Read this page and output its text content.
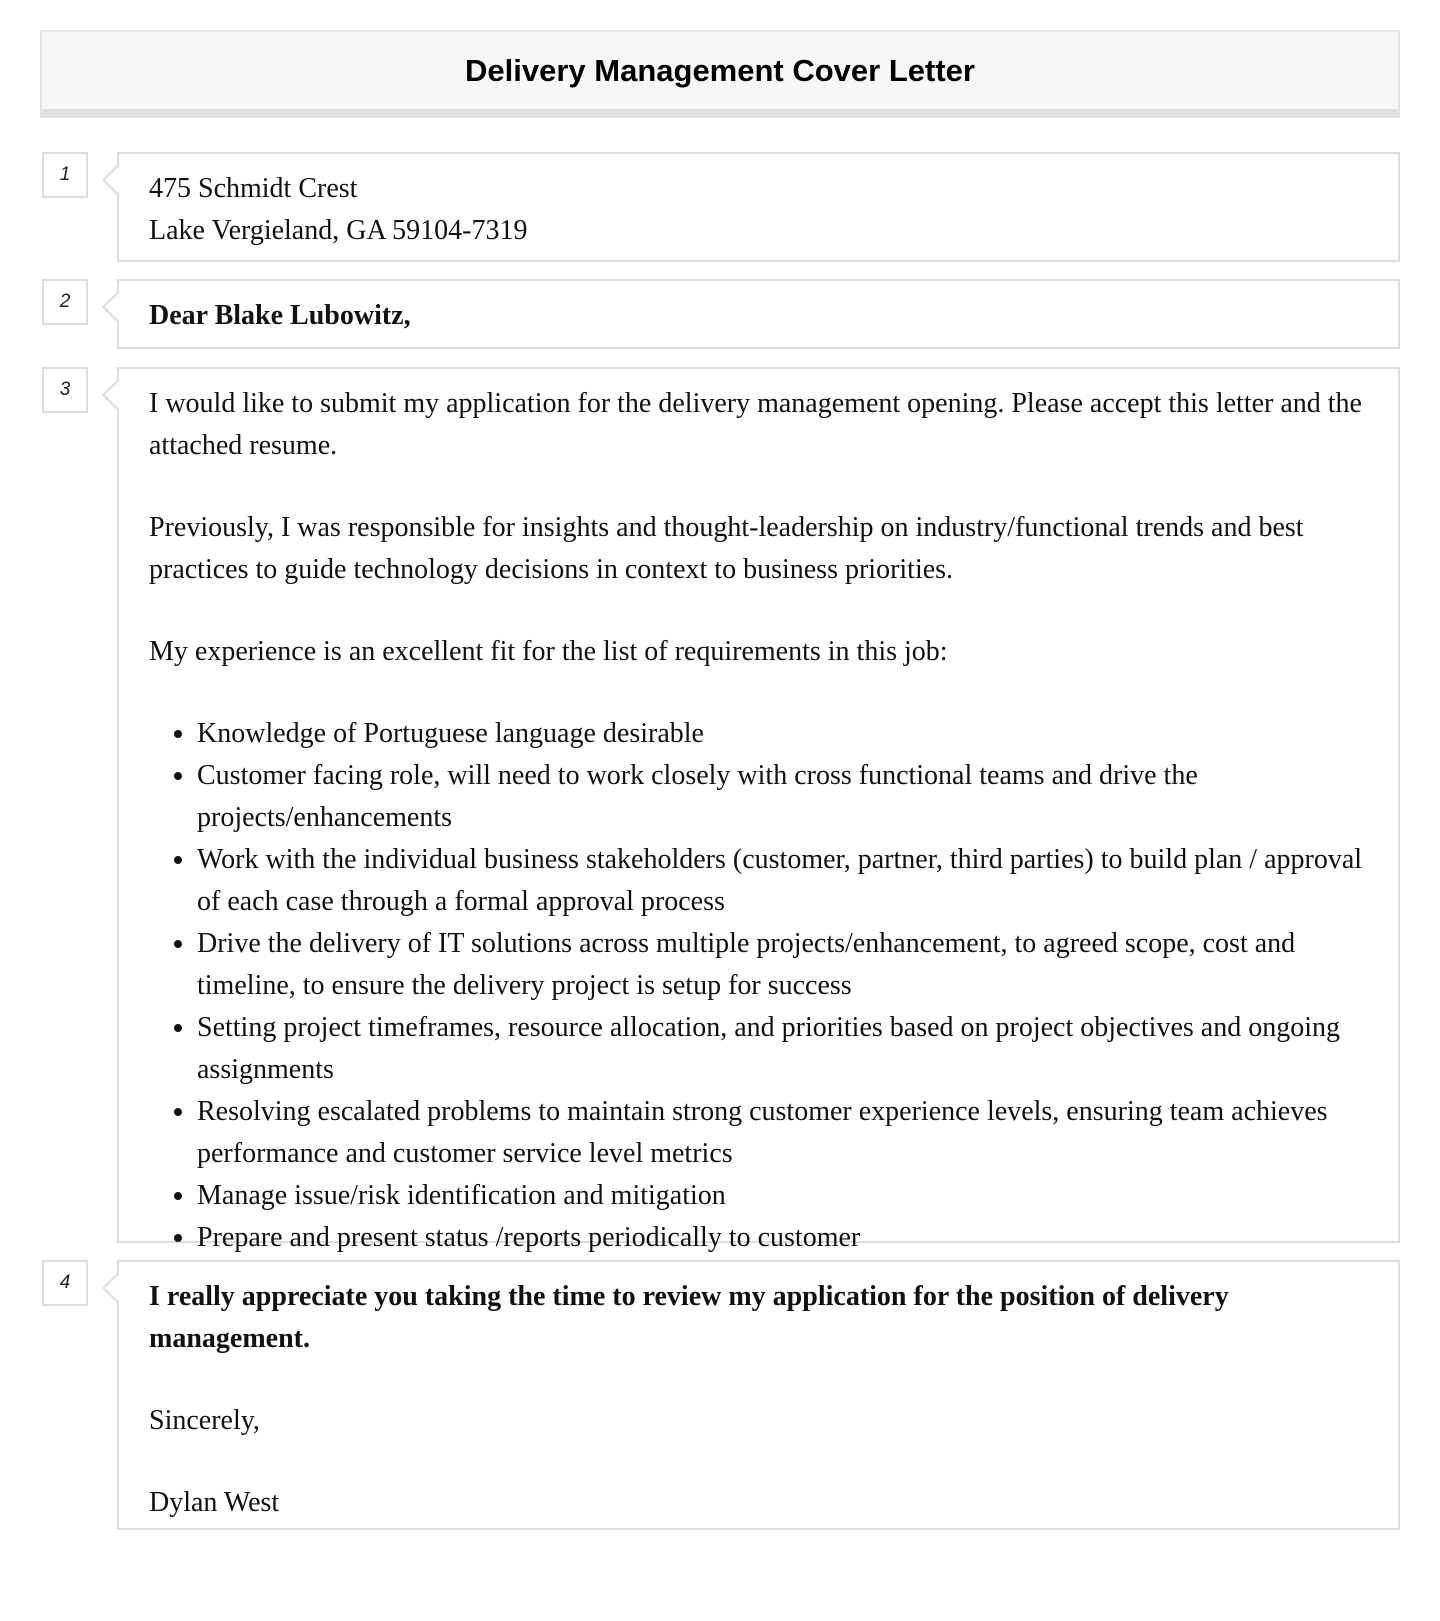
Delivery Management Cover Letter
1	475 Schmidt Crest
Lake Vergieland, GA 59104-7319
2	Dear Blake Lubowitz,
3	I would like to submit my application for the delivery management opening. Please accept this letter and the attached resume.

Previously, I was responsible for insights and thought-leadership on industry/functional trends and best practices to guide technology decisions in context to business priorities.

My experience is an excellent fit for the list of requirements in this job:

• Knowledge of Portuguese language desirable
• Customer facing role, will need to work closely with cross functional teams and drive the projects/enhancements
• Work with the individual business stakeholders (customer, partner, third parties) to build plan / approval of each case through a formal approval process
• Drive the delivery of IT solutions across multiple projects/enhancement, to agreed scope, cost and timeline, to ensure the delivery project is setup for success
• Setting project timeframes, resource allocation, and priorities based on project objectives and ongoing assignments
• Resolving escalated problems to maintain strong customer experience levels, ensuring team achieves performance and customer service level metrics
• Manage issue/risk identification and mitigation
• Prepare and present status /reports periodically to customer
4	I really appreciate you taking the time to review my application for the position of delivery management.

Sincerely,

Dylan West
